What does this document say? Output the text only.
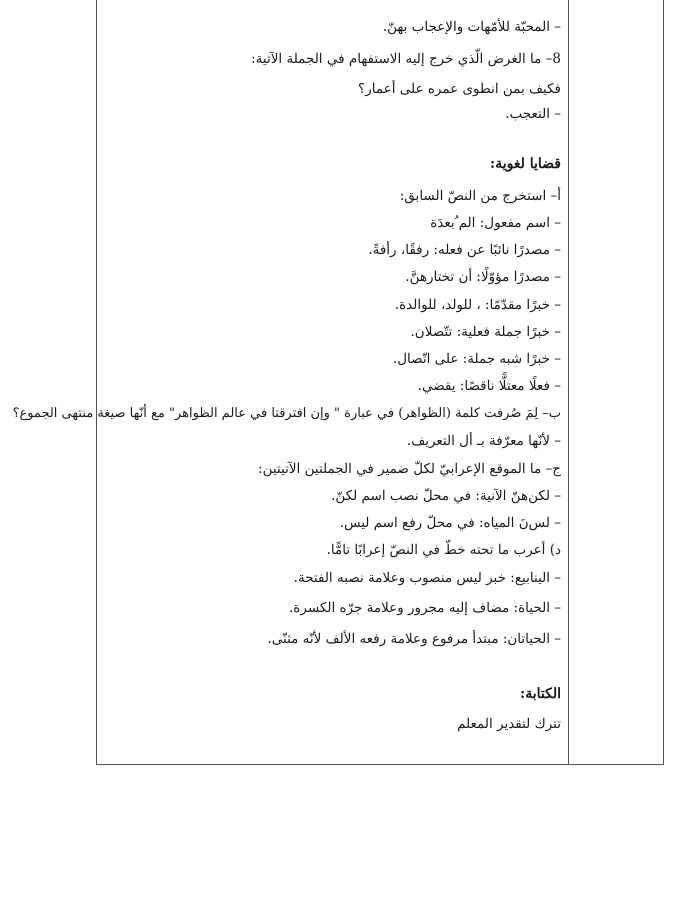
– المحبّة للأمّهات والإعجاب بهنّ.
8– ما الغرض الّذي خرج إليه الاستفهام في الجملة الآتية:
فكيف بمن انطوى عمره على أعمار؟
– التعجب.
قضايا لغوية:
أ– استخرج من النصّ السابق:
– اسم مفعول: الم ُبعدَة
– مصدرًا نائبًا عن فعله: رفقًا، رأفةً.
– مصدرًا مؤوّلًا: أن تختارهنَّ.
– خبرًا مقدّمًا: ، للولد، للوالدة.
– خبرًا جملة فعلية: تتّصلان.
– خبرًا شبه جملة: على اتّصال.
– فعلًا معتلًّا ناقصًا: يقضي.
ب– لِمَ صُرفت كلمة (الظواهر) في عبارة " وإن افترقتا في عالم الظواهر" مع أنّها صيغة منتهى الجموع؟
– لأنّها معرّفة بـ أل التعريف.
ج– ما الموقع الإعرابيّ لكلّ ضمير في الجملتين الآتيتين:
– لكن‌هنّ الآنية: في محلّ نصب اسم لكنّ.
– لس‌نَ المياه: في محلّ رفع اسم ليس.
د) أعرب ما تحته خطّ في النصّ إعرابًا تامًّا.
– الينابيع: خبر ليس منصوب وعلامة نصبه الفتحة.
– الحياة: مضاف إليه مجرور وعلامة جرّه الكسرة.
– الحياتان: مبتدأ مرفوع وعلامة رفعه الألف لأنّه مثنّى.
الكتابة:
تترك لتقدير المعلم
